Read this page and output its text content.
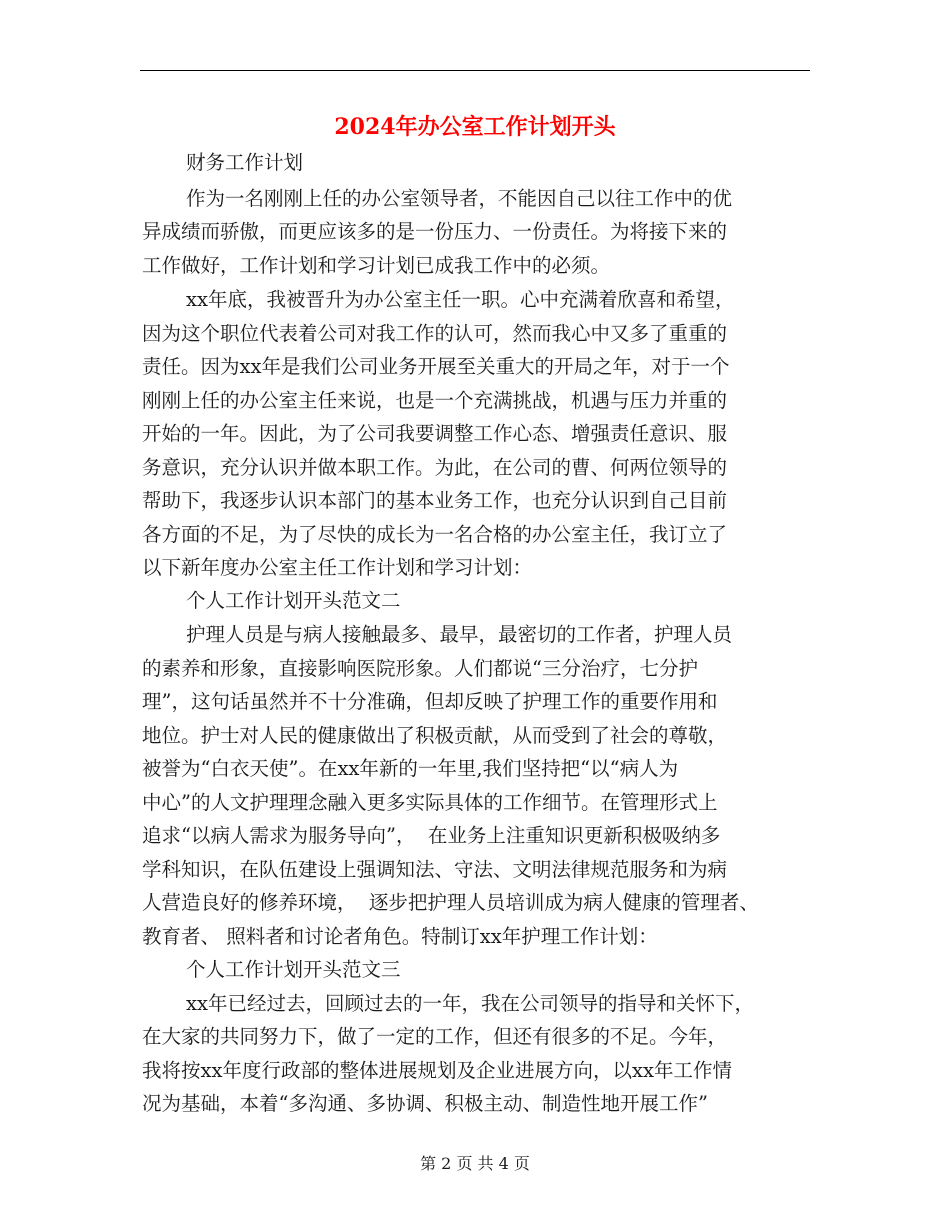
2024年办公室工作计划开头
财务工作计划
作为一名刚刚上任的办公室领导者，不能因自己以往工作中的优
异成绩而骄傲，而更应该多的是一份压力、一份责任。为将接下来的
工作做好，工作计划和学习计划已成我工作中的必须。
xx年底，我被晋升为办公室主任一职。心中充满着欣喜和希望，
因为这个职位代表着公司对我工作的认可，然而我心中又多了重重的
责任。因为xx年是我们公司业务开展至关重大的开局之年，对于一个
刚刚上任的办公室主任来说，也是一个充满挑战，机遇与压力并重的
开始的一年。因此，为了公司我要调整工作心态、增强责任意识、服
务意识，充分认识并做本职工作。为此，在公司的曹、何两位领导的
帮助下，我逐步认识本部门的基本业务工作，也充分认识到自己目前
各方面的不足，为了尽快的成长为一名合格的办公室主任，我订立了
以下新年度办公室主任工作计划和学习计划：
个人工作计划开头范文二
护理人员是与病人接触最多、最早，最密切的工作者，护理人员
的素养和形象，直接影响医院形象。人们都说“三分治疗，七分护
理”，这句话虽然并不十分准确，但却反映了护理工作的重要作用和
地位。护士对人民的健康做出了积极贡献，从而受到了社会的尊敬，
被誉为“白衣天使”。在xx年新的一年里,我们坚持把“以“病人为
中心”的人文护理理念融入更多实际具体的工作细节。在管理形式上
追求“以病人需求为服务导向”，  在业务上注重知识更新积极吸纳多
学科知识，在队伍建设上强调知法、守法、文明法律规范服务和为病
人营造良好的修养环境，  逐步把护理人员培训成为病人健康的管理者、
教育者、 照料者和讨论者角色。特制订xx年护理工作计划：
个人工作计划开头范文三
xx年已经过去，回顾过去的一年，我在公司领导的指导和关怀下，
在大家的共同努力下，做了一定的工作，但还有很多的不足。今年，
我将按xx年度行政部的整体进展规划及企业进展方向，以xx年工作情
况为基础，本着“多沟通、多协调、积极主动、制造性地开展工作”
第 2 页 共 4 页
